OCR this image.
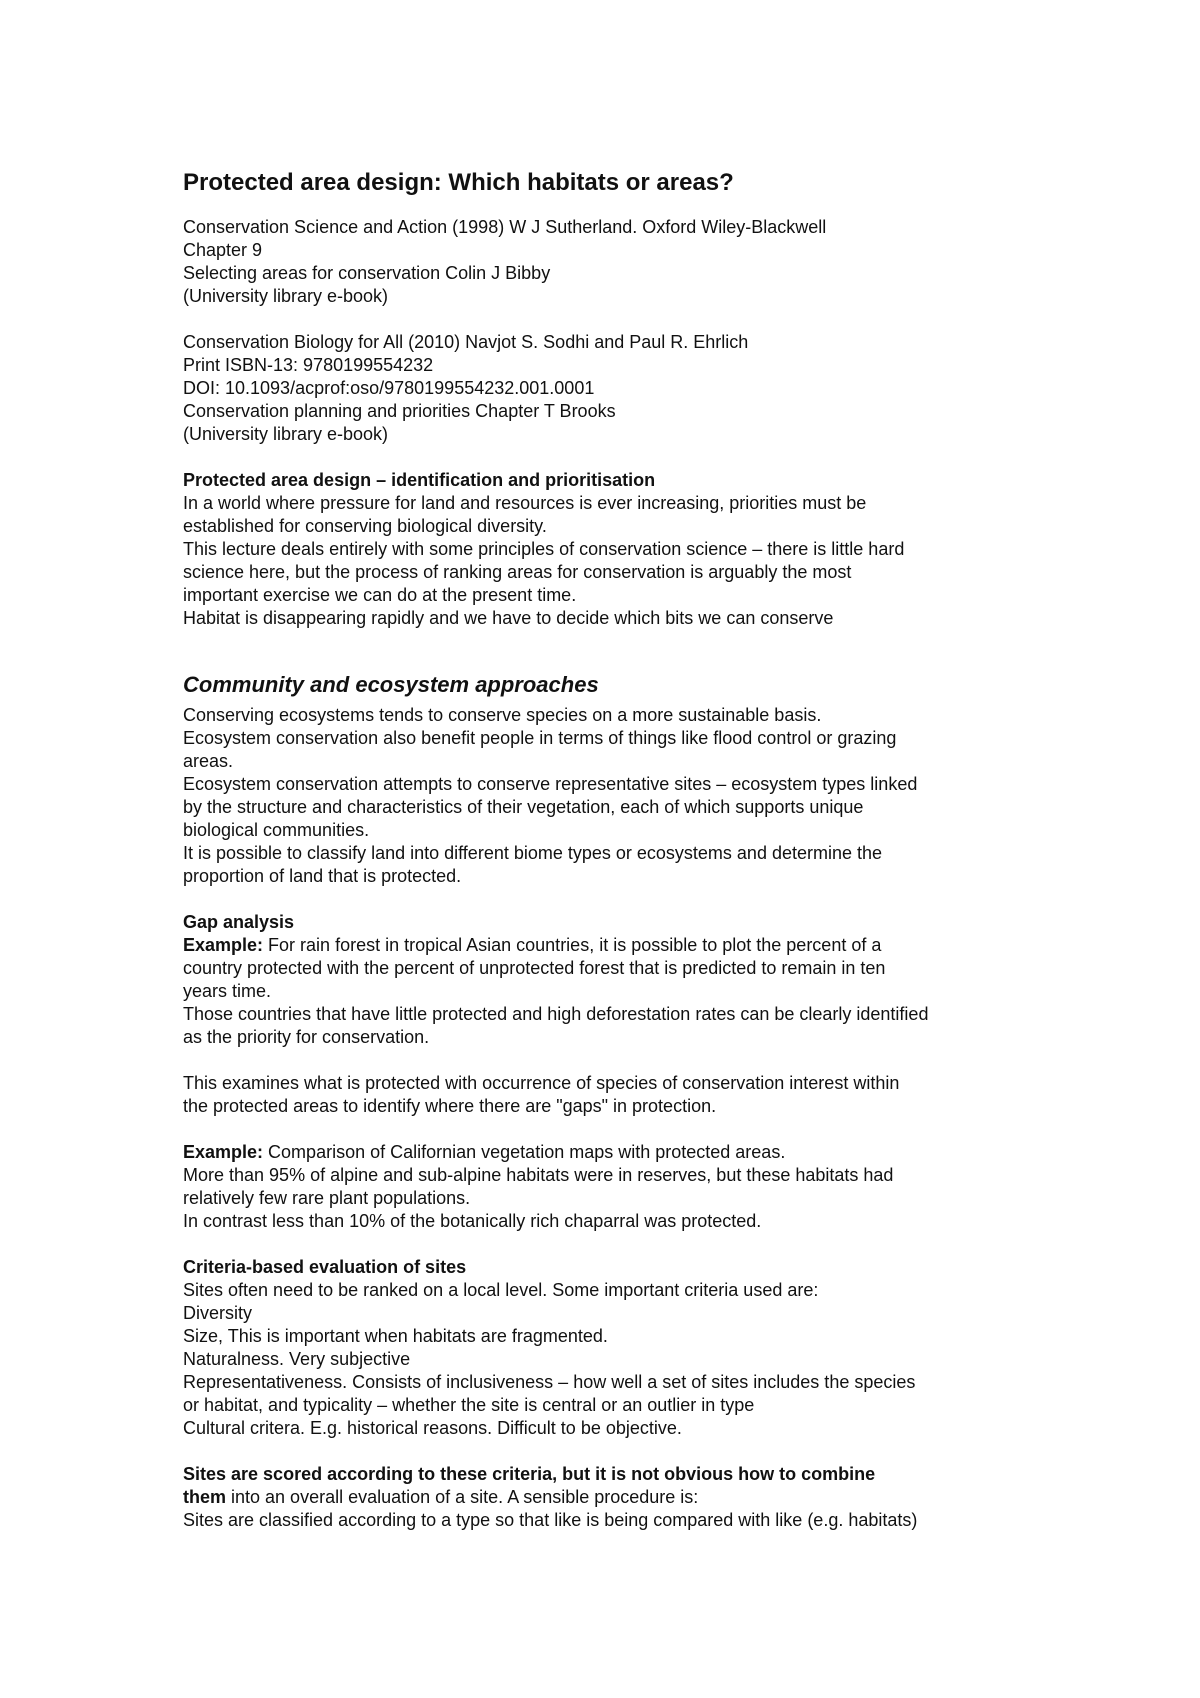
Protected area design: Which habitats or areas?
Conservation Science and Action (1998) W J Sutherland. Oxford Wiley-Blackwell
Chapter 9
Selecting areas for conservation Colin J Bibby
(University library e-book)
Conservation Biology for All (2010) Navjot S. Sodhi and Paul R. Ehrlich
Print ISBN-13: 9780199554232
DOI: 10.1093/acprof:oso/9780199554232.001.0001
Conservation planning and priorities Chapter T Brooks
(University library e-book)
Protected area design – identification and prioritisation
In a world where pressure for land and resources is ever increasing, priorities must be
established for conserving biological diversity.
This lecture deals entirely with some principles of conservation science – there is little hard
science here, but the process of ranking areas for conservation is arguably the most
important exercise we can do at the present time.
Habitat is disappearing rapidly and we have to decide which bits we can conserve
Community and ecosystem approaches
Conserving ecosystems tends to conserve species on a more sustainable basis.
Ecosystem conservation also benefit people in terms of things like flood control or grazing
areas.
Ecosystem conservation attempts to conserve representative sites – ecosystem types linked
by the structure and characteristics of their vegetation, each of which supports unique
biological communities.
It is possible to classify land into different biome types or ecosystems and determine the
proportion of land that is protected.
Gap analysis
Example: For rain forest in tropical Asian countries, it is possible to plot the percent of a
country protected with the percent of unprotected forest that is predicted to remain in ten
years time.
Those countries that have little protected and high deforestation rates can be clearly identified
as the priority for conservation.
This examines what is protected with occurrence of species of conservation interest within
the protected areas to identify where there are "gaps" in protection.
Example: Comparison of Californian vegetation maps with protected areas.
More than 95% of alpine and sub-alpine habitats were in reserves, but these habitats had
relatively few rare plant populations.
In contrast less than 10% of the botanically rich chaparral was protected.
Criteria-based evaluation of sites
Sites often need to be ranked on a local level. Some important criteria used are:
Diversity
Size, This is important when habitats are fragmented.
Naturalness. Very subjective
Representativeness. Consists of inclusiveness – how well a set of sites includes the species
or habitat, and typicality – whether the site is central or an outlier in type
Cultural critera. E.g. historical reasons. Difficult to be objective.
Sites are scored according to these criteria, but it is not obvious how to combine
them into an overall evaluation of a site. A sensible procedure is:
Sites are classified according to a type so that like is being compared with like (e.g. habitats)
